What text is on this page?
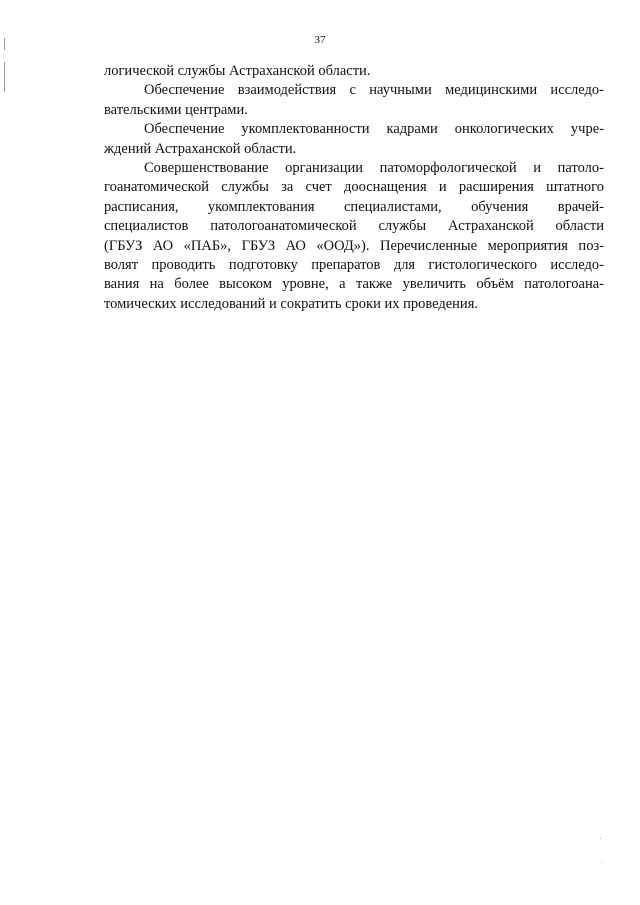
37
логической службы Астраханской области.
Обеспечение взаимодействия с научными медицинскими исследо-
вательскими центрами.
Обеспечение укомплектованности кадрами онкологических учре-
ждений Астраханской области.
Совершенствование организации патоморфологической и патоло-
гоанатомической службы за счет дооснащения и расширения штатного
расписания, укомплектования специалистами, обучения врачей-
специалистов патологоанатомической службы Астраханской области
(ГБУЗ АО «ПАБ», ГБУЗ АО «ООД»). Перечисленные мероприятия поз-
волят проводить подготовку препаратов для гистологического исследо-
вания на более высоком уровне, а также увеличить объём патологоана-
томических исследований и сократить сроки их проведения.
